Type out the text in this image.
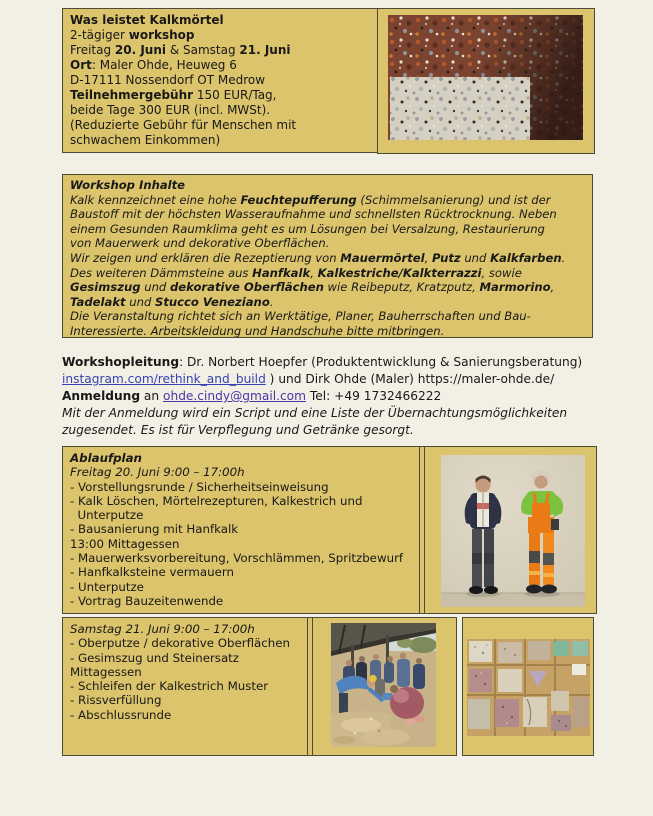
Was leistet Kalkmörtel
2-tägiger workshop
Freitag 20. Juni & Samstag 21. Juni
Ort: Maler Ohde, Heuweg 6
D-17111 Nossendorf OT Medrow
Teilnehmergebühr 150 EUR/Tag,
beide Tage 300 EUR (incl. MWSt).
(Reduzierte Gebühr für Menschen mit
schwachem Einkommen)
Workshop Inhalte
Kalk kennzeichnet eine hohe Feuchtepufferung (Schimmelsanierung) und ist der
Baustoff mit der höchsten Wasseraufnahme und schnellsten Rücktrocknung. Neben
einem Gesunden Raumklima geht es um Lösungen bei Versalzung, Restaurierung
von Mauerwerk und dekorative Oberflächen.
Wir zeigen und erklären die Rezeptierung von Mauermörtel, Putz und Kalkfarben.
Des weiteren Dämmsteine aus Hanfkalk, Kalkestriche/Kalkterrazzi, sowie
Gesimszug und dekorative Oberflächen wie Reibeputz, Kratzputz, Marmorino,
Tadelakt und Stucco Veneziano.
Die Veranstaltung richtet sich an Werktätige, Planer, Bauherrschaften und Bau-
Interessierte. Arbeitskleidung und Handschuhe bitte mitbringen.
Workshopleitung: Dr. Norbert Hoepfer (Produktentwicklung & Sanierungsberatung)
instagram.com/rethink_and_build ) und Dirk Ohde (Maler) https://maler-ohde.de/
Anmeldung an ohde.cindy@gmail.com Tel: +49 1732466222
Mit der Anmeldung wird ein Script und eine Liste der Übernachtungsmöglichkeiten
zugesendet. Es ist für Verpflegung und Getränke gesorgt.
Ablaufplan
Freitag 20. Juni 9:00 – 17:00h
- Vorstellungsrunde / Sicherheitseinweisung
- Kalk Löschen, Mörtelrezepturen, Kalkestrich und
Unterputze
- Bausanierung mit Hanfkalk
13:00 Mittagessen
- Mauerwerksvorbereitung, Vorschlämmen, Spritzbewurf
- Hanfkalksteine vermauern
- Unterputze
- Vortrag Bauzeitenwende
Samstag 21. Juni 9:00 – 17:00h
- Oberputze / dekorative Oberflächen
- Gesimszug und Steinersatz
Mittagessen
- Schleifen der Kalkestrich Muster
- Rissverfüllung
- Abschlussrunde
